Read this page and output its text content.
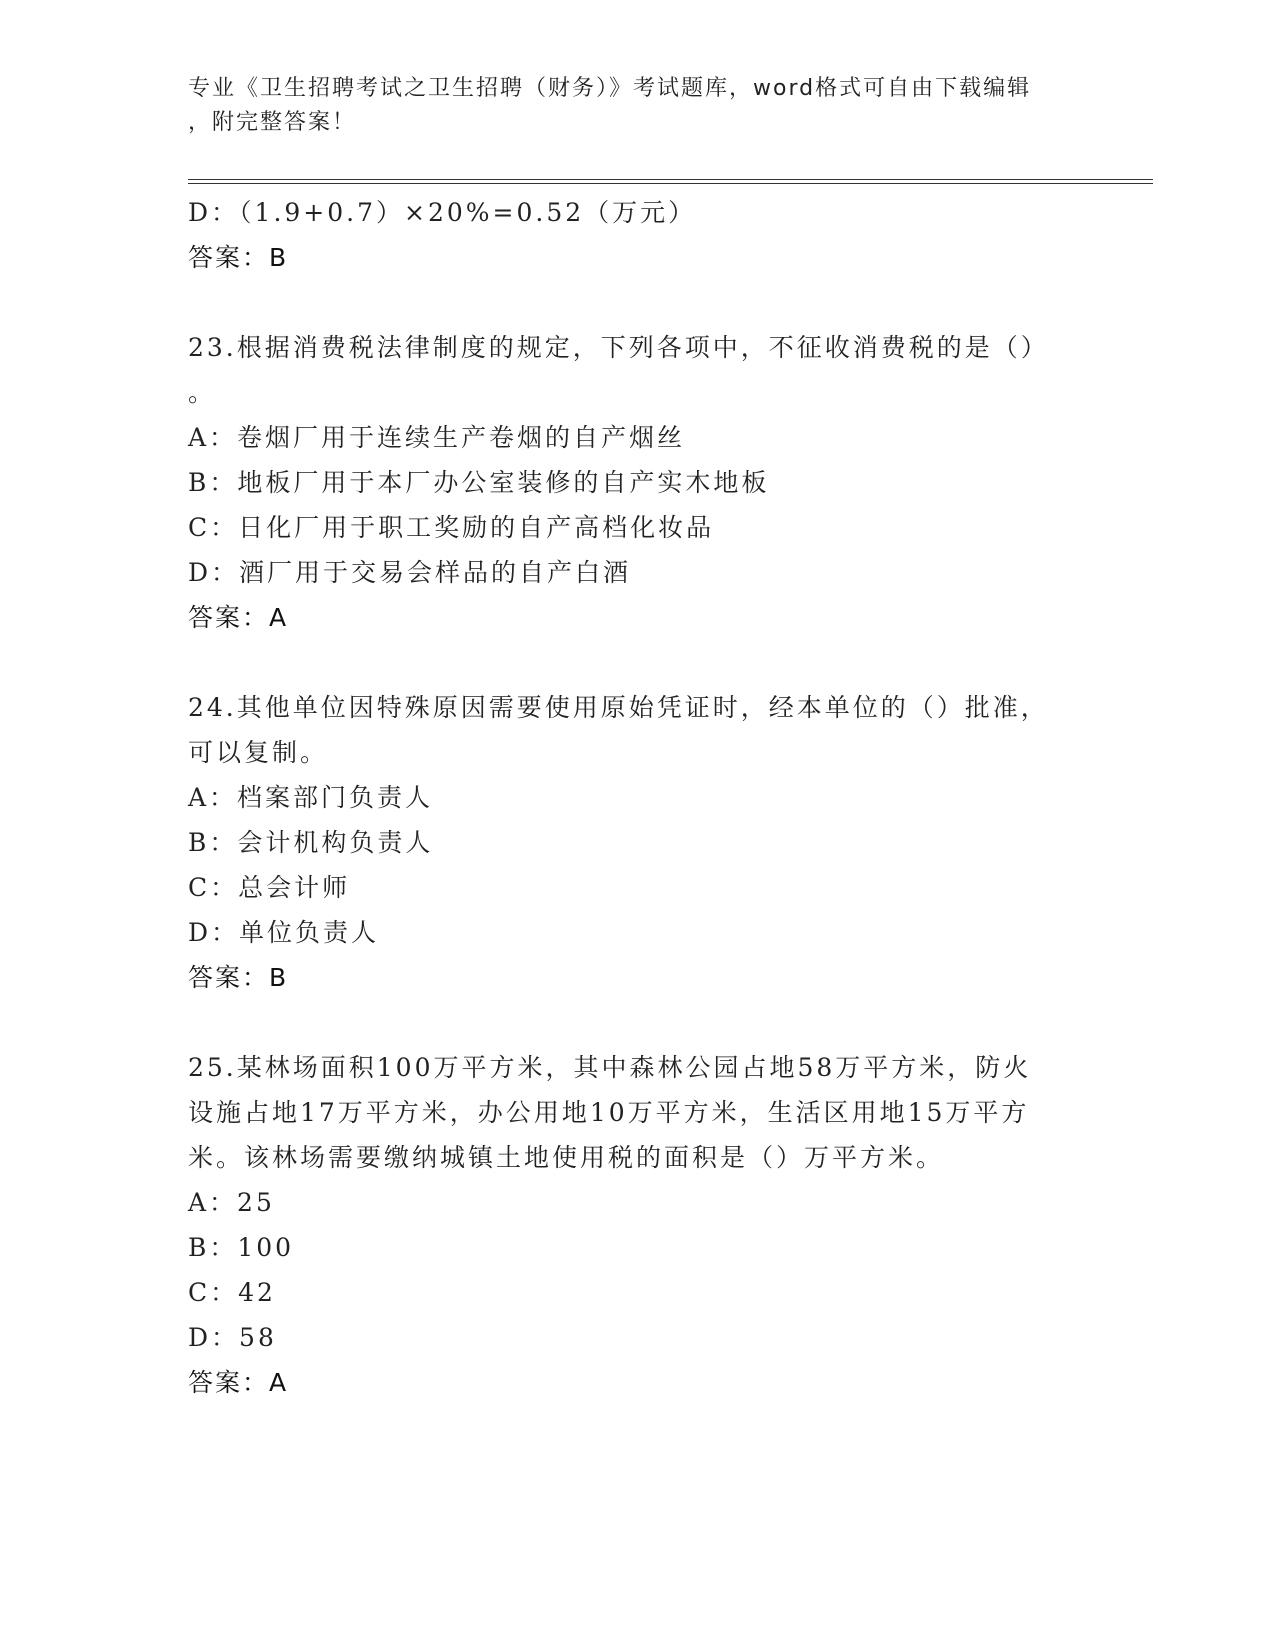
专业《卫生招聘考试之卫生招聘（财务）》考试题库，word格式可自由下载编辑
，附完整答案！
D：（1.9+0.7）×20%=0.52（万元）
答案：B
23.根据消费税法律制度的规定，下列各项中，不征收消费税的是（）
。
A：卷烟厂用于连续生产卷烟的自产烟丝
B：地板厂用于本厂办公室装修的自产实木地板
C：日化厂用于职工奖励的自产高档化妆品
D：酒厂用于交易会样品的自产白酒
答案：A
24.其他单位因特殊原因需要使用原始凭证时，经本单位的（）批准，
可以复制。
A：档案部门负责人
B：会计机构负责人
C：总会计师
D：单位负责人
答案：B
25.某林场面积100万平方米，其中森林公园占地58万平方米，防火
设施占地17万平方米，办公用地10万平方米，生活区用地15万平方
米。该林场需要缴纳城镇土地使用税的面积是（）万平方米。
A：25
B：100
C：42
D：58
答案：A
